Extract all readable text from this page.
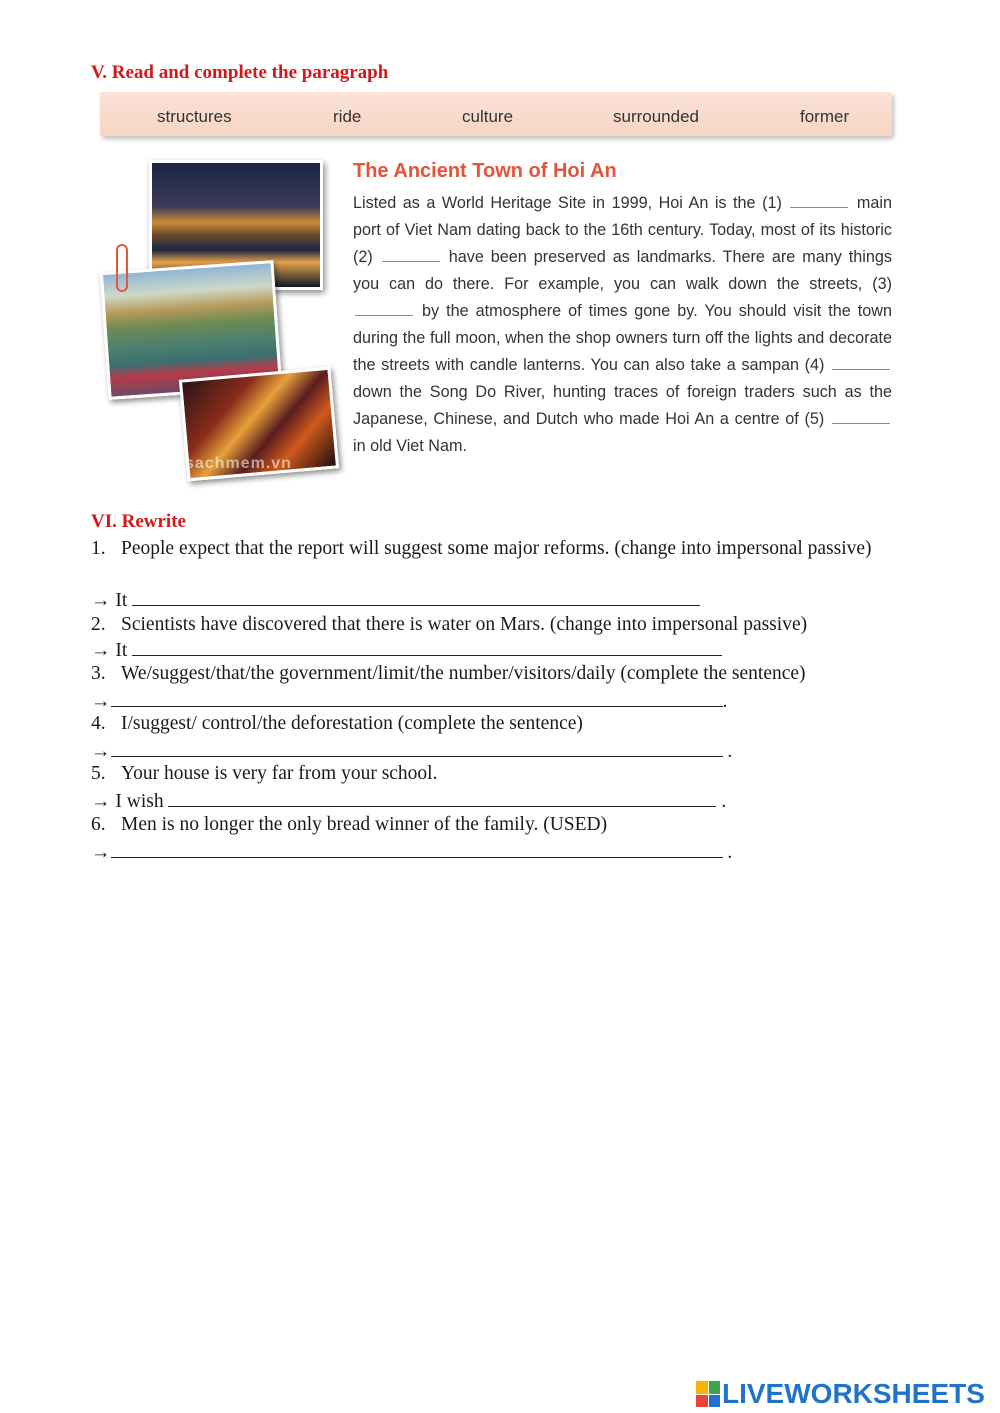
V. Read and complete the paragraph
structures	ride	culture	surrounded	former
sachmem.vn
The Ancient Town of Hoi An
Listed as a World Heritage Site in 1999, Hoi An is the (1)	main port of Viet Nam dating back to the 16th century. Today, most of its historic (2)	have been preserved as landmarks. There are many things you can do there. For example, you can walk down the streets, (3)  by the atmosphere of times gone by. You should visit the town during the full moon, when the shop owners turn off the lights and decorate the streets with candle lanterns. You can also take a sampan (4)  down the Song Do River, hunting traces of foreign traders such as the Japanese, Chinese, and Dutch who made Hoi An a centre of (5)  in old Viet Nam.
VI. Rewrite
1. People expect that the report will suggest some major reforms. (change into impersonal passive)
→ It
2. Scientists have discovered that there is water on Mars. (change into impersonal passive)
→ It
3. We/suggest/that/the government/limit/the number/visitors/daily (complete the sentence)
→	.
4. I/suggest/ control/the deforestation (complete the sentence)
→	.
5. Your house is very far from your school.
→ I wish	.
6. Men is no longer the only bread winner of the family. (USED)
→	.
LIVEWORKSHEETS
